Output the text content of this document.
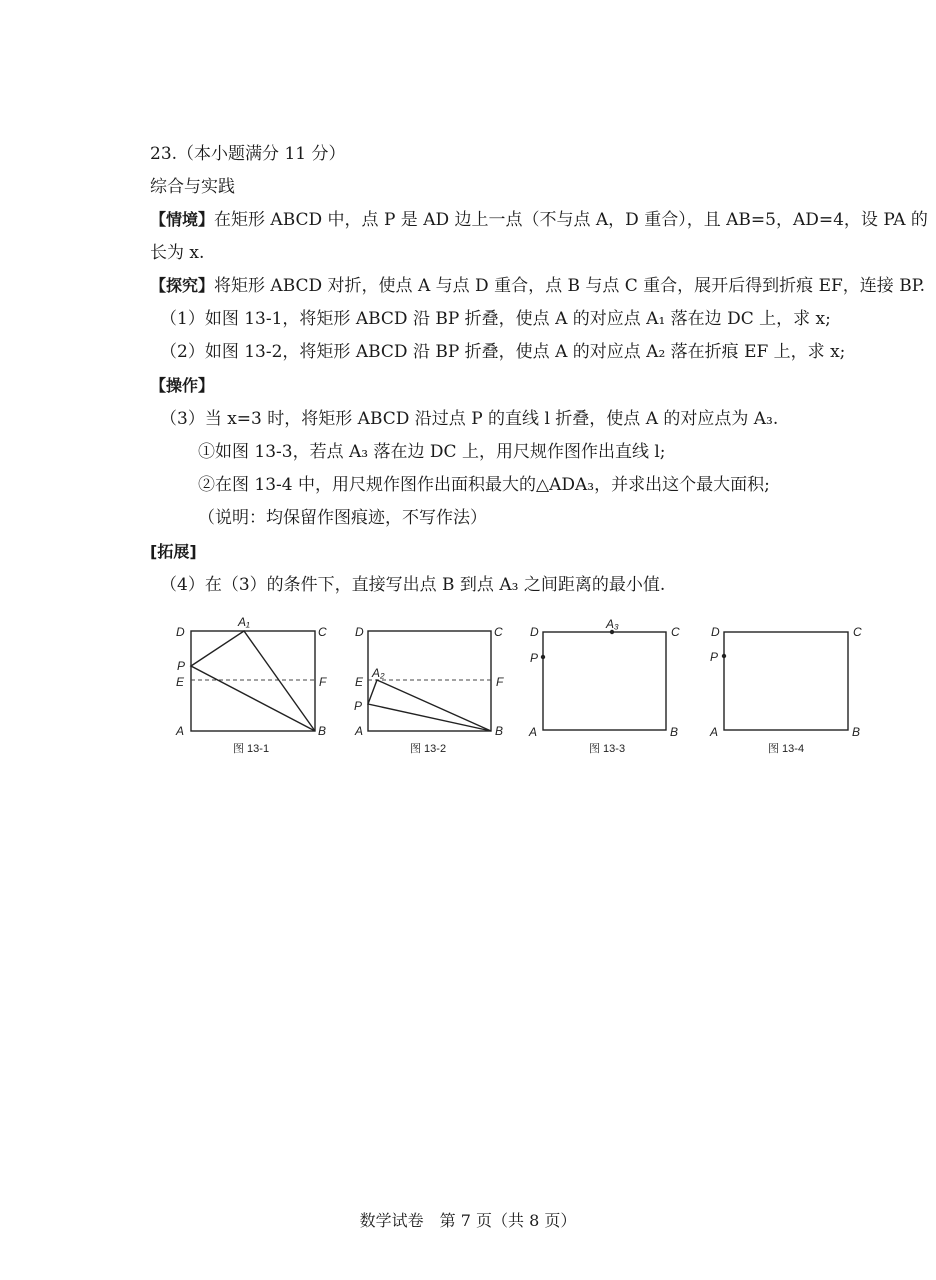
23.（本小题满分 11 分）
综合与实践
【情境】在矩形 ABCD 中，点 P 是 AD 边上一点（不与点 A，D 重合），且 AB=5，AD=4，设 PA 的
长为 x.
【探究】将矩形 ABCD 对折，使点 A 与点 D 重合，点 B 与点 C 重合，展开后得到折痕 EF，连接 BP.
（1）如图 13-1，将矩形 ABCD 沿 BP 折叠，使点 A 的对应点 A₁ 落在边 DC 上，求 x;
（2）如图 13-2，将矩形 ABCD 沿 BP 折叠，使点 A 的对应点 A₂ 落在折痕 EF 上，求 x;
【操作】
（3）当 x=3 时，将矩形 ABCD 沿过点 P 的直线 l 折叠，使点 A 的对应点为 A₃.
①如图 13-3，若点 A₃ 落在边 DC 上，用尺规作图作出直线 l;
②在图 13-4 中，用尺规作图作出面积最大的△ADA₃，并求出这个最大面积;
（说明：均保留作图痕迹，不写作法）
[拓展]
（4）在（3）的条件下，直接写出点 B 到点 A₃ 之间距离的最小值.
D	C
A₁
P
E	F
A	B
图 13-1
D	C
A₂
E	F
P
A	B
图 13-2
D	C
A₃
P
A	B
图 13-3
D	C
P
A	B
图 13-4
数学试卷　第 7 页（共 8 页）
